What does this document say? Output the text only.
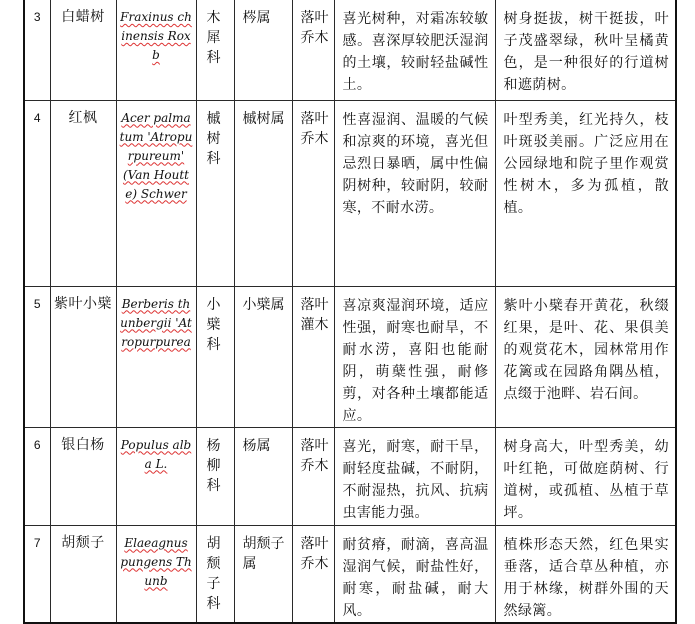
3	白蜡树	Fraxinus chinensis Roxb	木犀科	梣属	落叶乔木	喜光树种，对霜冻较敏感。喜深厚较肥沃湿润的土壤，较耐轻盐碱性土。	树身挺拔，树干挺拔，叶子茂盛翠绿，秋叶呈橘黄色，是一种很好的行道树和遮荫树。

4	红枫	Acer palmatum 'Atropurpureum' (Van Houtte) Schwer	槭树科	槭树属	落叶乔木	性喜湿润、温暖的气候和凉爽的环境，喜光但忌烈日暴晒，属中性偏阴树种，较耐阴，较耐寒，不耐水涝。	叶型秀美，红光持久，枝叶斑驳美丽。广泛应用在公园绿地和院子里作观赏性树木，多为孤植，散植。

5	紫叶小檗	Berberis thunbergii 'Atropurpurea	小檗科	小檗属	落叶灌木	喜凉爽湿润环境，适应性强，耐寒也耐旱，不耐水涝，喜阳也能耐阴，萌蘖性强，耐修剪，对各种土壤都能适应。	紫叶小檗春开黄花，秋缀红果，是叶、花、果俱美的观赏花木，园林常用作花篱或在园路角隅丛植，点缀于池畔、岩石间。

6	银白杨	Populus alba L.	杨柳科	杨属	落叶乔木	喜光，耐寒，耐干旱，耐轻度盐碱，不耐阴，不耐湿热，抗风、抗病虫害能力强。	树身高大，叶型秀美，幼叶红艳，可做庭荫树、行道树，或孤植、丛植于草坪。

7	胡颓子	Elaeagnus pungens Thunb	胡颓子科	胡颓子属	落叶乔木	耐贫瘠，耐滴，喜高温湿润气候，耐盐性好，耐寒，耐盐碱，耐大风。	植株形态天然，红色果实垂落，适合草丛种植，亦用于林缘，树群外围的天然绿篱。
